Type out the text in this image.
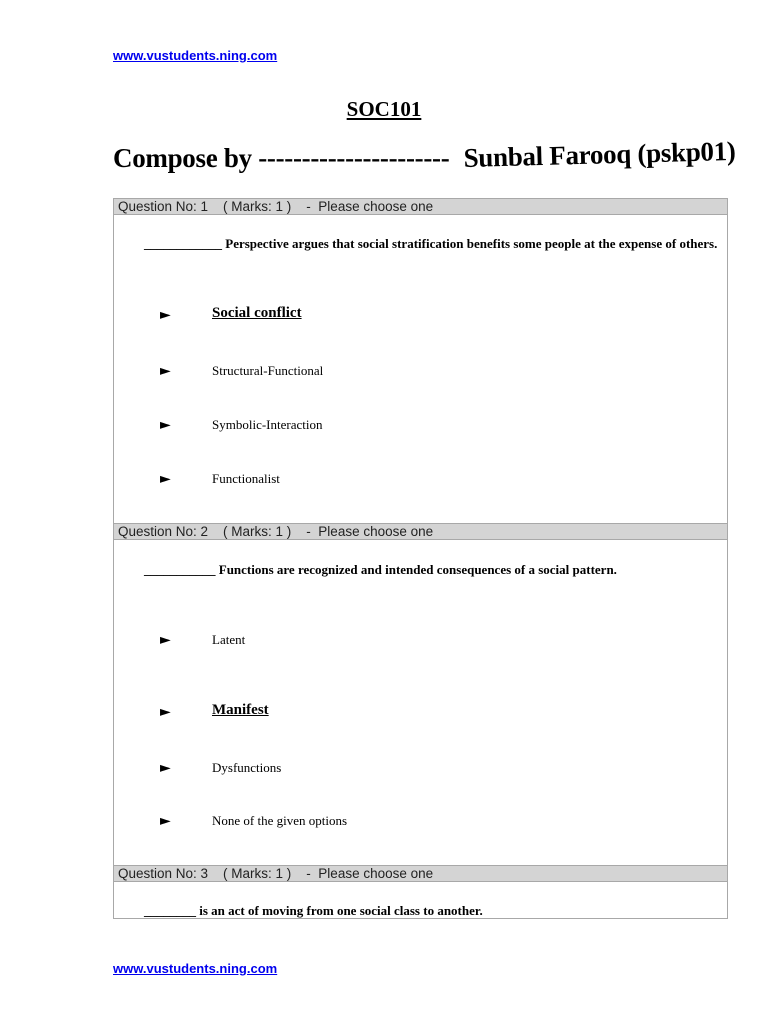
www.vustudents.ning.com
SOC101
Compose by ---------------------- Sunbal Farooq (pskp01)
Question No: 1    ( Marks: 1 )    -  Please choose one
____________ Perspective argues that social stratification benefits some people at the expense of others.
►	Social conflict
►	Structural-Functional
►	Symbolic-Interaction
►	Functionalist
Question No: 2    ( Marks: 1 )    -  Please choose one
___________ Functions are recognized and intended consequences of a social pattern.
►	Latent
►	Manifest
►	Dysfunctions
►	None of the given options
Question No: 3    ( Marks: 1 )    -  Please choose one
________ is an act of moving from one social class to another.
www.vustudents.ning.com
